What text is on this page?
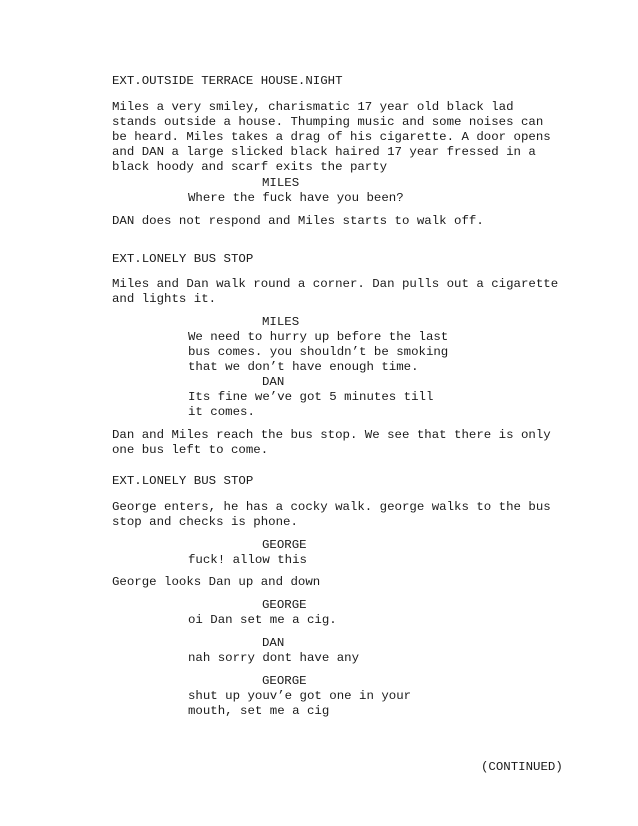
EXT.OUTSIDE TERRACE HOUSE.NIGHT

Miles a very smiley, charismatic 17 year old black lad

stands outside a house. Thumping music and some noises can

be heard. Miles takes a drag of his cigarette. A door opens

and DAN a large slicked black haired 17 year fressed in a

black hoody and scarf exits the party

MILES

Where the fuck have you been?

DAN does not respond and Miles starts to walk off.

EXT.LONELY BUS STOP

Miles and Dan walk round a corner. Dan pulls out a cigarette

and lights it.

MILES

We need to hurry up before the last

bus comes. you shouldn’t be smoking

that we don’t have enough time.

DAN

Its fine we’ve got 5 minutes till

it comes.

Dan and Miles reach the bus stop. We see that there is only

one bus left to come.

EXT.LONELY BUS STOP

George enters, he has a cocky walk. george walks to the bus

stop and checks is phone.

GEORGE

fuck! allow this

George looks Dan up and down

GEORGE

oi Dan set me a cig.

DAN

nah sorry dont have any

GEORGE

shut up youv’e got one in your

mouth, set me a cig

(CONTINUED)
